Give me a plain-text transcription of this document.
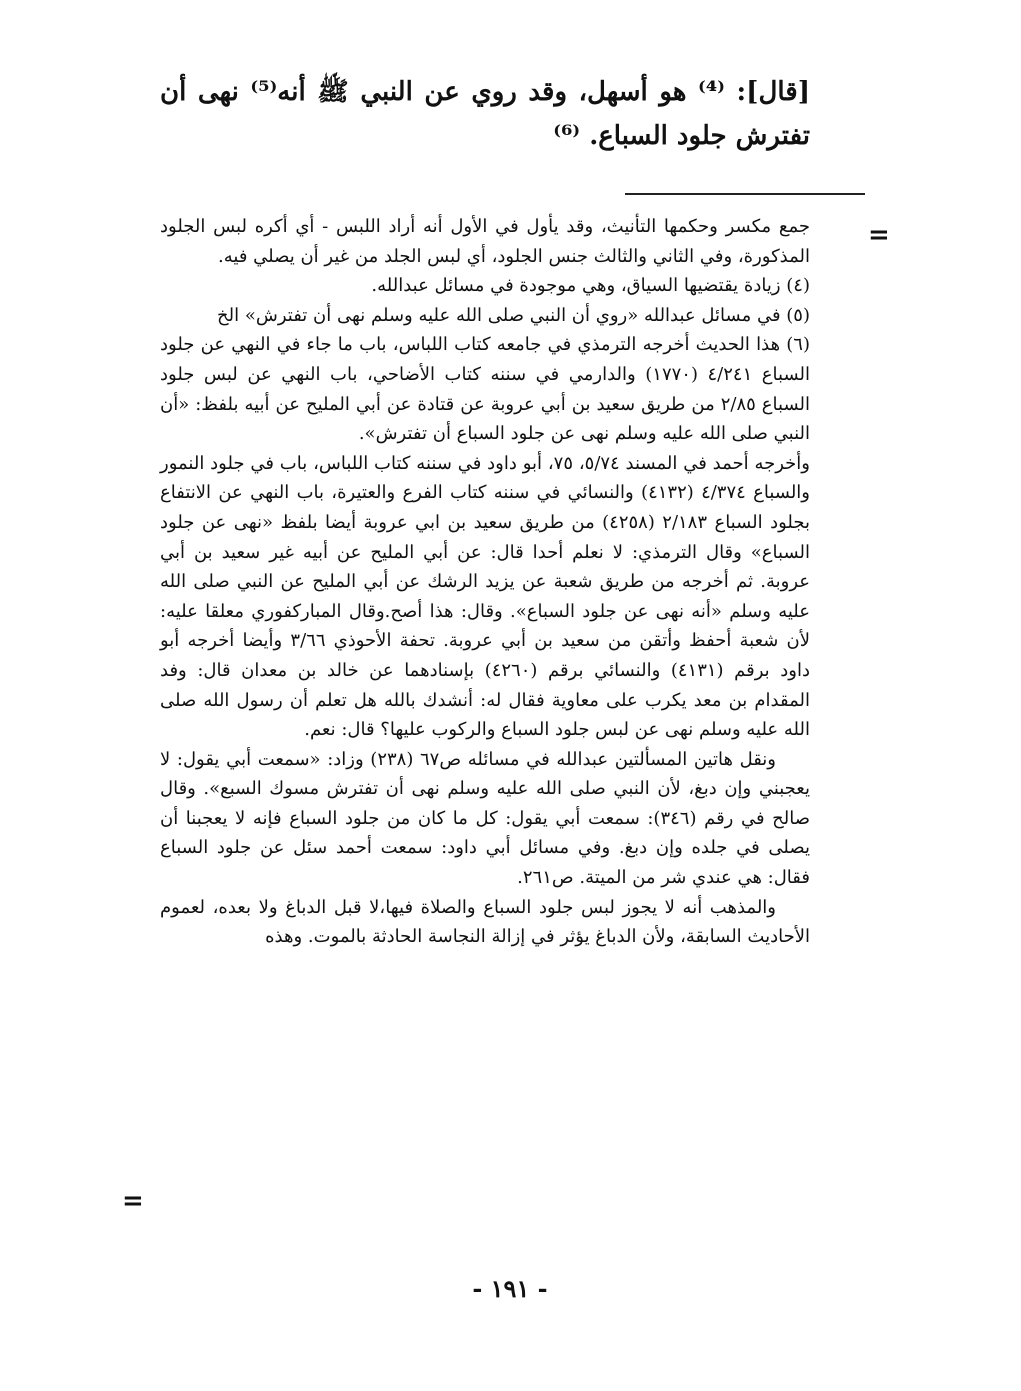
[قال]: ⁽⁴⁾ هو أسهل، وقد روي عن النبي ﷺ أنه⁽⁵⁾ نهى أن تفترش جلود السباع. ⁽⁶⁾

=

جمع مكسر وحكمها التأنيث، وقد يأول في الأول أنه أراد اللبس - أي أكره لبس الجلود المذكورة، وفي الثاني والثالث جنس الجلود، أي لبس الجلد من غير أن يصلي فيه.

(٤) زيادة يقتضيها السياق، وهي موجودة في مسائل عبدالله.

(٥) في مسائل عبدالله «روي أن النبي صلى الله عليه وسلم نهى أن تفترش» الخ

(٦) هذا الحديث أخرجه الترمذي في جامعه كتاب اللباس، باب ما جاء في النهي عن جلود السباع ٤/٢٤١ (١٧٧٠) والدارمي في سننه كتاب الأضاحي، باب النهي عن لبس جلود السباع ٢/٨٥ من طريق سعيد بن أبي عروبة عن قتادة عن أبي المليح عن أبيه بلفظ: «أن النبي صلى الله عليه وسلم نهى عن جلود السباع أن تفترش».

وأخرجه أحمد في المسند ٥/٧٤، ٧٥، أبو داود في سننه كتاب اللباس، باب في جلود النمور والسباع ٤/٣٧٤ (٤١٣٢) والنسائي في سننه كتاب الفرع والعتيرة، باب النهي عن الانتفاع بجلود السباع ٢/١٨٣ (٤٢٥٨) من طريق سعيد بن ابي عروبة أيضا بلفظ «نهى عن جلود السباع» وقال الترمذي: لا نعلم أحدا قال: عن أبي المليح عن أبيه غير سعيد بن أبي عروبة. ثم أخرجه من طريق شعبة عن يزيد الرشك عن أبي المليح عن النبي صلى الله عليه وسلم «أنه نهى عن جلود السباع». وقال: هذا أصح.وقال المباركفوري معلقا عليه: لأن شعبة أحفظ وأتقن من سعيد بن أبي عروبة. تحفة الأحوذي ٣/٦٦ وأيضا أخرجه أبو داود برقم (٤١٣١) والنسائي برقم (٤٢٦٠) بإسنادهما عن خالد بن معدان قال: وفد المقدام بن معد يكرب على معاوية فقال له: أنشدك بالله هل تعلم أن رسول الله صلى الله عليه وسلم نهى عن لبس جلود السباع والركوب عليها؟ قال: نعم.

ونقل هاتين المسألتين عبدالله في مسائله ص٦٧ (٢٣٨) وزاد: «سمعت أبي يقول: لا يعجبني وإن دبغ، لأن النبي صلى الله عليه وسلم نهى أن تفترش مسوك السبع». وقال صالح في رقم (٣٤٦): سمعت أبي يقول: كل ما كان من جلود السباع فإنه لا يعجبنا أن يصلى في جلده وإن دبغ. وفي مسائل أبي داود: سمعت أحمد سئل عن جلود السباع فقال: هي عندي شر من الميتة. ص٢٦١.

والمذهب أنه لا يجوز لبس جلود السباع والصلاة فيها،لا قبل الدباغ ولا بعده، لعموم الأحاديث السابقة، ولأن الدباغ يؤثر في إزالة النجاسة الحادثة بالموت. وهذه

=
- ١٩١ -
